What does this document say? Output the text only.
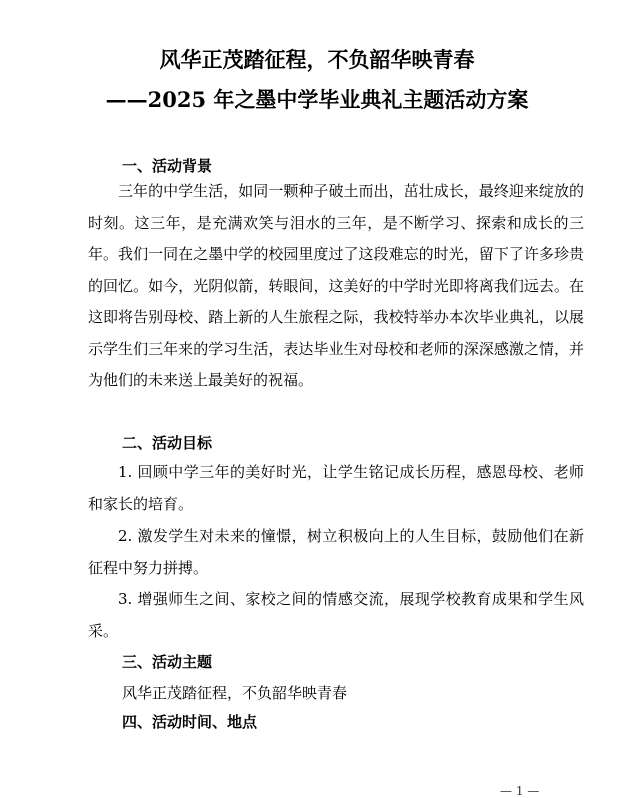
风华正茂踏征程，不负韶华映青春
——2025 年之墨中学毕业典礼主题活动方案
一、活动背景
三年的中学生活，如同一颗种子破土而出，茁壮成长，最终迎来绽放的时刻。这三年，是充满欢笑与泪水的三年，是不断学习、探索和成长的三年。我们一同在之墨中学的校园里度过了这段难忘的时光，留下了许多珍贵的回忆。如今，光阴似箭，转眼间，这美好的中学时光即将离我们远去。在这即将告别母校、踏上新的人生旅程之际，我校特举办本次毕业典礼，以展示学生们三年来的学习生活，表达毕业生对母校和老师的深深感激之情，并为他们的未来送上最美好的祝福。
二、活动目标
1. 回顾中学三年的美好时光，让学生铭记成长历程，感恩母校、老师和家长的培育。
2. 激发学生对未来的憧憬，树立积极向上的人生目标，鼓励他们在新征程中努力拼搏。
3. 增强师生之间、家校之间的情感交流，展现学校教育成果和学生风采。
三、活动主题
风华正茂踏征程，不负韶华映青春
四、活动时间、地点
— 1 —
